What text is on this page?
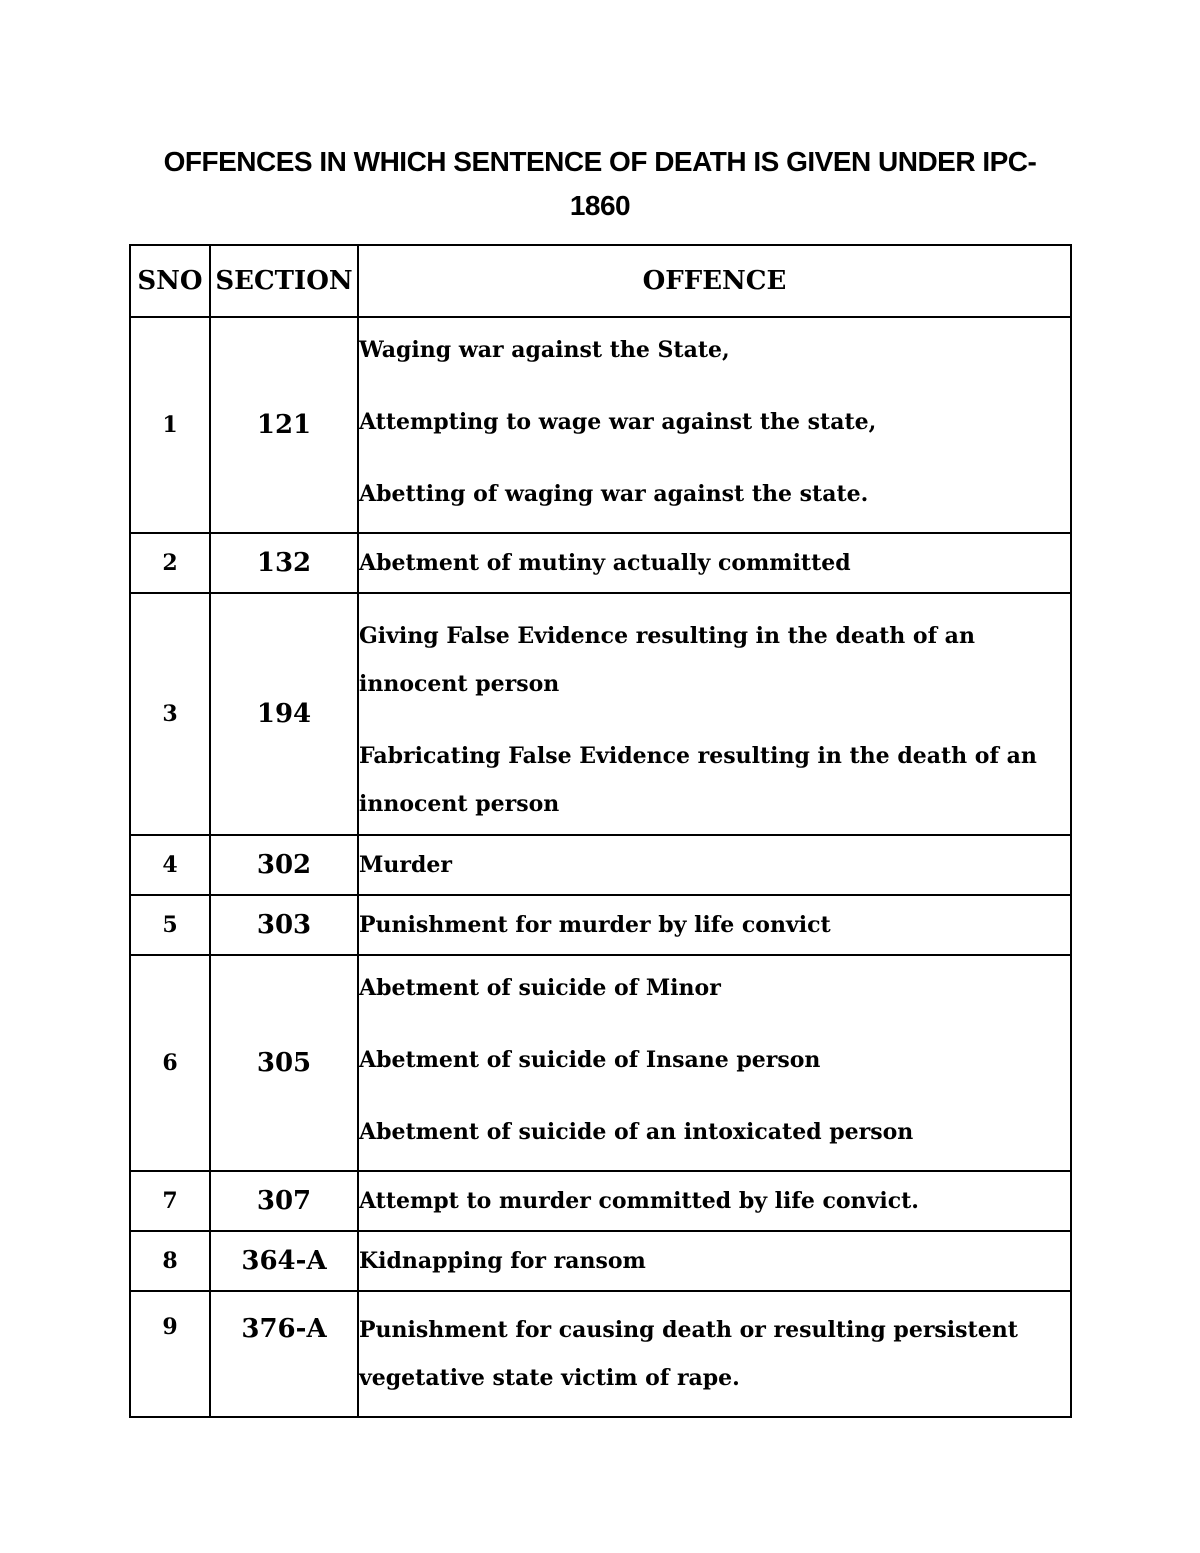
OFFENCES IN WHICH SENTENCE OF DEATH IS GIVEN UNDER IPC-
1860
SNO	SECTION	OFFENCE
1	121	Waging war against the State,
Attempting to wage war against the state,
Abetting of waging war against the state.

2	132	Abetment of mutiny actually committed

3	194	Giving False Evidence resulting in the death of an innocent person
Fabricating False Evidence resulting in the death of an innocent person

4	302	Murder

5	303	Punishment for murder by life convict

6	305	Abetment of suicide of Minor
Abetment of suicide of Insane person
Abetment of suicide of an intoxicated person

7	307	Attempt to murder committed by life convict.

8	364-A	Kidnapping for ransom

9	376-A	Punishment for causing death or resulting persistent vegetative state victim of rape.
